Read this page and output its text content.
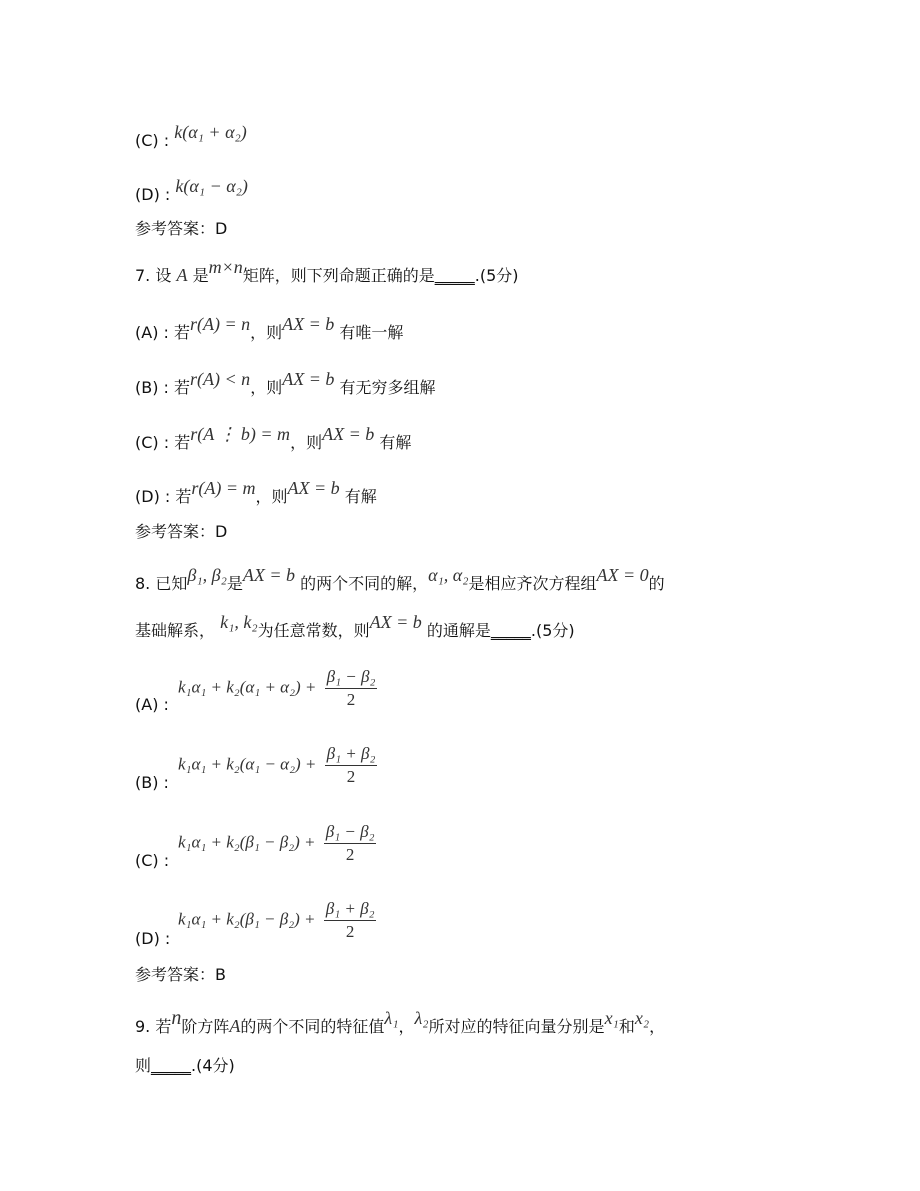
(C) : k(α₁ + α₂)
(D) : k(α₁ − α₂)
参考答案：D
7. 设 A 是m×n矩阵，则下列命题正确的是_____.(5分)
(A) : 若r(A) = n，则AX = b 有唯一解
(B) : 若r(A) < n，则AX = b 有无穷多组解
(C) : 若r(A ⋮ b) = m，则AX = b 有解
(D) : 若r(A) = m，则AX = b 有解
参考答案：D
8. 已知β₁, β₂是AX = b 的两个不同的解，α₁, α₂是相应齐次方程组AX = 0的
基础解系， k₁, k₂为任意常数，则AX = b 的通解是_____.(5分)
(A) :
$k_1\alpha_1 + k_2(\alpha_1 + \alpha_2) + \frac{\text{β₁ − β₂}}{2}$
(B) :
$k_1\alpha_1 + k_2(\alpha_1 - \alpha_2) + \frac{\text{β₁ + β₂}}{2}$
(C) :
$k_1\alpha_1 + k_2(\beta_1 - \beta_2) + \frac{\text{β₁ − β₂}}{2}$
(D) :
$k_1\alpha_1 + k_2(\beta_1 - \beta_2) + \frac{\text{β₁ + β₂}}{2}$
参考答案：B
9. 若n阶方阵A的两个不同的特征值λ₁，λ₂所对应的特征向量分别是x₁和x₂，
则_____.(4分)
